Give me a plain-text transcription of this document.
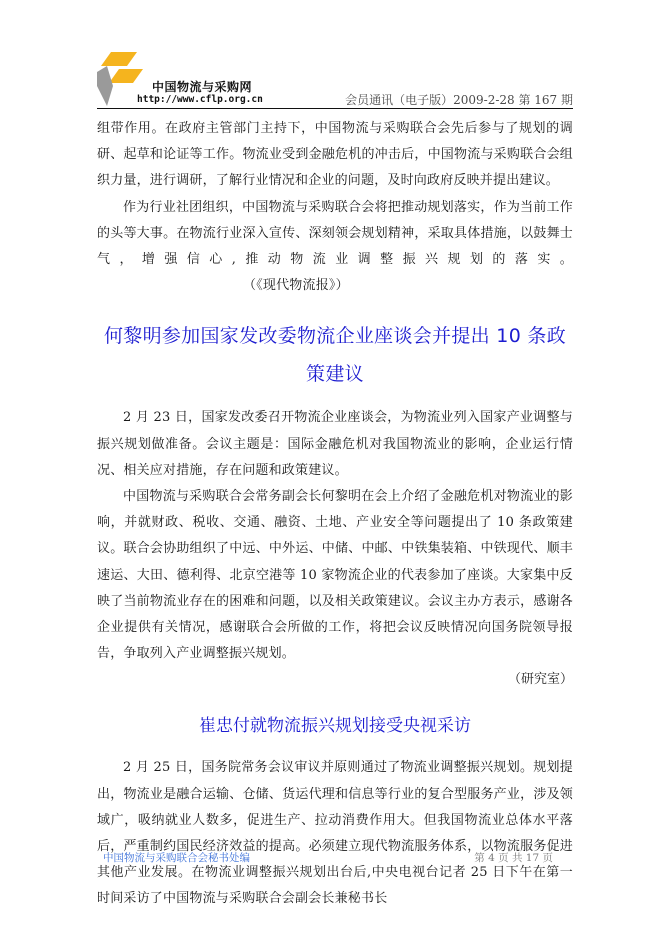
中国物流与采购网
http://www.cflp.org.cn	会员通讯（电子版）2009-2-28 第 167 期

组带作用。在政府主管部门主持下，中国物流与采购联合会先后参与了规划的调研、起草和论证等工作。物流业受到金融危机的冲击后，中国物流与采购联合会组织力量，进行调研，了解行业情况和企业的问题，及时向政府反映并提出建议。

作为行业社团组织，中国物流与采购联合会将把推动规划落实，作为当前工作的头等大事。在物流行业深入宣传、深刻领会规划精神，采取具体措施，以鼓舞士气，增强信心,推动物流业调整振兴规划的落实。（《现代物流报》）

何黎明参加国家发改委物流企业座谈会并提出 10 条政策建议

2 月 23 日，国家发改委召开物流企业座谈会，为物流业列入国家产业调整与振兴规划做准备。会议主题是：国际金融危机对我国物流业的影响，企业运行情况、相关应对措施，存在问题和政策建议。

中国物流与采购联合会常务副会长何黎明在会上介绍了金融危机对物流业的影响，并就财政、税收、交通、融资、土地、产业安全等问题提出了 10 条政策建议。联合会协助组织了中远、中外运、中储、中邮、中铁集装箱、中铁现代、顺丰速运、大田、德利得、北京空港等 10 家物流企业的代表参加了座谈。大家集中反映了当前物流业存在的困难和问题，以及相关政策建议。会议主办方表示，感谢各企业提供有关情况，感谢联合会所做的工作，将把会议反映情况向国务院领导报告，争取列入产业调整振兴规划。

（研究室）

崔忠付就物流振兴规划接受央视采访

2 月 25 日，国务院常务会议审议并原则通过了物流业调整振兴规划。规划提出，物流业是融合运输、仓储、货运代理和信息等行业的复合型服务产业，涉及领域广，吸纳就业人数多，促进生产、拉动消费作用大。但我国物流业总体水平落后，严重制约国民经济效益的提高。必须建立现代物流服务体系，以物流服务促进其他产业发展。在物流业调整振兴规划出台后,中央电视台记者 25 日下午在第一时间采访了中国物流与采购联合会副会长兼秘书长

中国物流与采购联合会秘书处编	第 4 页 共 17 页
